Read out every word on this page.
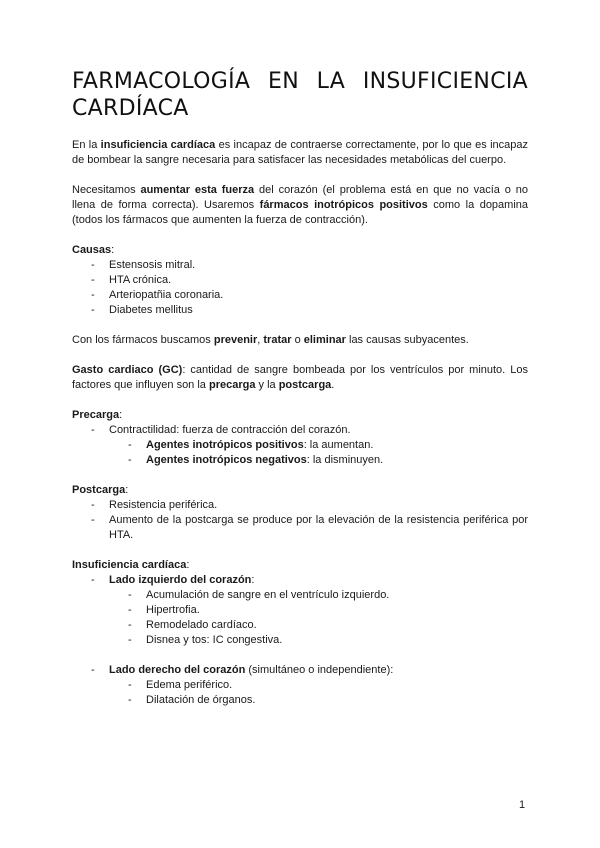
FARMACOLOGÍA EN LA INSUFICIENCIA CARDÍACA

En la insuficiencia cardíaca es incapaz de contraerse correctamente, por lo que es incapaz de bombear la sangre necesaria para satisfacer las necesidades metabólicas del cuerpo.

Necesitamos aumentar esta fuerza del corazón (el problema está en que no vacía o no llena de forma correcta). Usaremos fármacos inotrópicos positivos como la dopamina (todos los fármacos que aumenten la fuerza de contracción).

Causas:
- Estensosis mitral.
- HTA crónica.
- Arteriopatñia coronaria.
- Diabetes mellitus

Con los fármacos buscamos prevenir, tratar o eliminar las causas subyacentes.

Gasto cardiaco (GC): cantidad de sangre bombeada por los ventrículos por minuto. Los factores que influyen son la precarga y la postcarga.

Precarga:
- Contractilidad: fuerza de contracción del corazón.
- Agentes inotrópicos positivos: la aumentan.
- Agentes inotrópicos negativos: la disminuyen.
Postcarga:
- Resistencia periférica.
- Aumento de la postcarga se produce por la elevación de la resistencia periférica por HTA.
Insuficiencia cardíaca:
- Lado izquierdo del corazón:
- Acumulación de sangre en el ventrículo izquierdo.
- Hipertrofia.
- Remodelado cardíaco.
- Disnea y tos: IC congestiva.
- Lado derecho del corazón (simultáneo o independiente):
- Edema periférico.
- Dilatación de órganos.
1
